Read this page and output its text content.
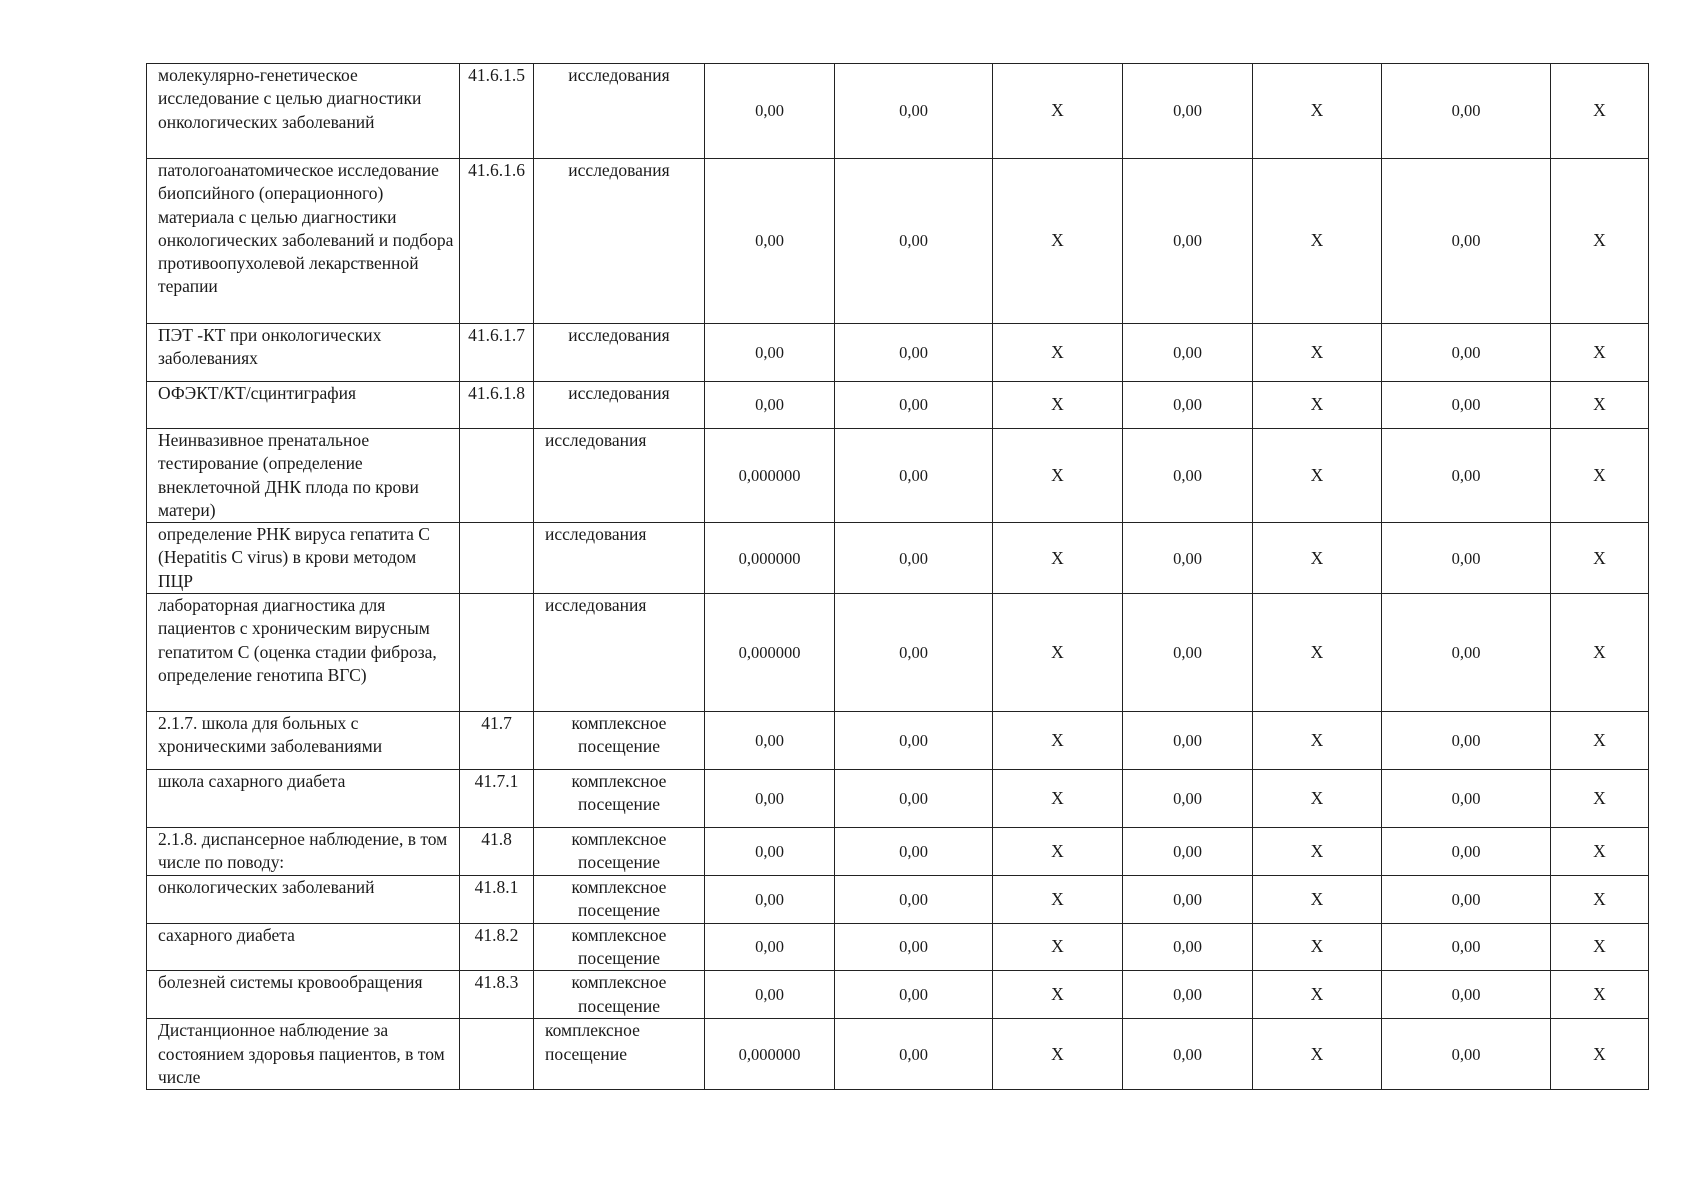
молекулярно-генетическое исследование с целью диагностики онкологических заболеваний	41.6.1.5	исследования	0,00	0,00	X	0,00	X	0,00	X
патологоанатомическое исследование биопсийного (операционного) материала с целью диагностики онкологических заболеваний и подбора противоопухолевой лекарственной терапии	41.6.1.6	исследования	0,00	0,00	X	0,00	X	0,00	X
ПЭТ -КТ при онкологических заболеваниях	41.6.1.7	исследования	0,00	0,00	X	0,00	X	0,00	X
ОФЭКТ/КТ/сцинтиграфия	41.6.1.8	исследования	0,00	0,00	X	0,00	X	0,00	X
Неинвазивное пренатальное тестирование (определение внеклеточной ДНК плода по крови матери)		исследования	0,000000	0,00	X	0,00	X	0,00	X
определение РНК вируса гепатита С (Hepatitis C virus) в крови методом ПЦР		исследования	0,000000	0,00	X	0,00	X	0,00	X
лабораторная диагностика для пациентов с хроническим вирусным гепатитом С (оценка стадии фиброза, определение генотипа ВГС)		исследования	0,000000	0,00	X	0,00	X	0,00	X
2.1.7. школа для больных с хроническими заболеваниями	41.7	комплексное посещение	0,00	0,00	X	0,00	X	0,00	X
школа сахарного диабета	41.7.1	комплексное посещение	0,00	0,00	X	0,00	X	0,00	X
2.1.8. диспансерное наблюдение, в том числе по поводу:	41.8	комплексное посещение	0,00	0,00	X	0,00	X	0,00	X
онкологических заболеваний	41.8.1	комплексное посещение	0,00	0,00	X	0,00	X	0,00	X
сахарного диабета	41.8.2	комплексное посещение	0,00	0,00	X	0,00	X	0,00	X
болезней системы кровообращения	41.8.3	комплексное посещение	0,00	0,00	X	0,00	X	0,00	X
Дистанционное наблюдение за состоянием здоровья пациентов, в том числе		комплексное посещение	0,000000	0,00	X	0,00	X	0,00	X
